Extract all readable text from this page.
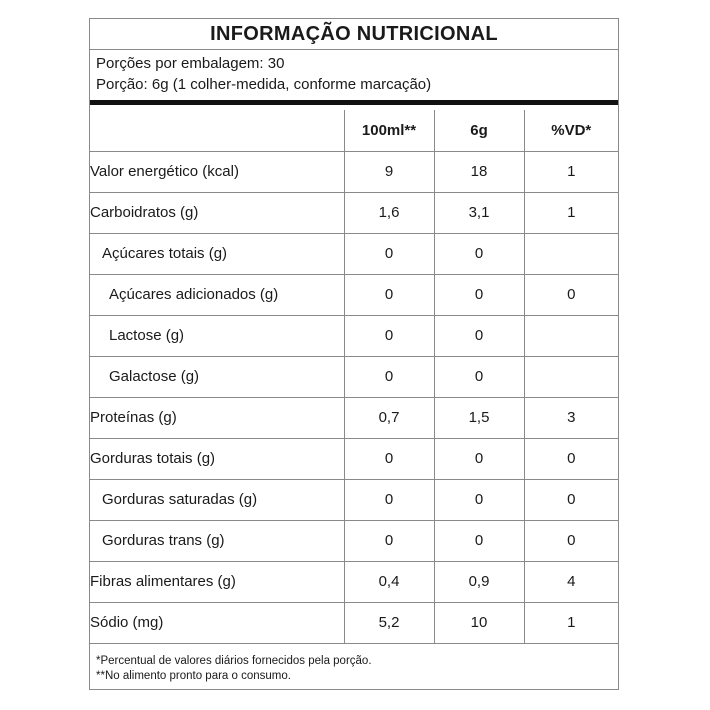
INFORMAÇÃO NUTRICIONAL
Porções por embalagem: 30
Porção: 6g (1 colher-medida, conforme marcação)
	100ml**	6g	%VD*
Valor energético (kcal)	9	18	1
Carboidratos (g)	1,6	3,1	1
Açúcares totais (g)	0	0	
Açúcares adicionados (g)	0	0	0
Lactose (g)	0	0	
Galactose (g)	0	0	
Proteínas (g)	0,7	1,5	3
Gorduras totais (g)	0	0	0
Gorduras saturadas (g)	0	0	0
Gorduras trans (g)	0	0	0
Fibras alimentares (g)	0,4	0,9	4
Sódio (mg)	5,2	10	1
*Percentual de valores diários fornecidos pela porção.
**No alimento pronto para o consumo.
